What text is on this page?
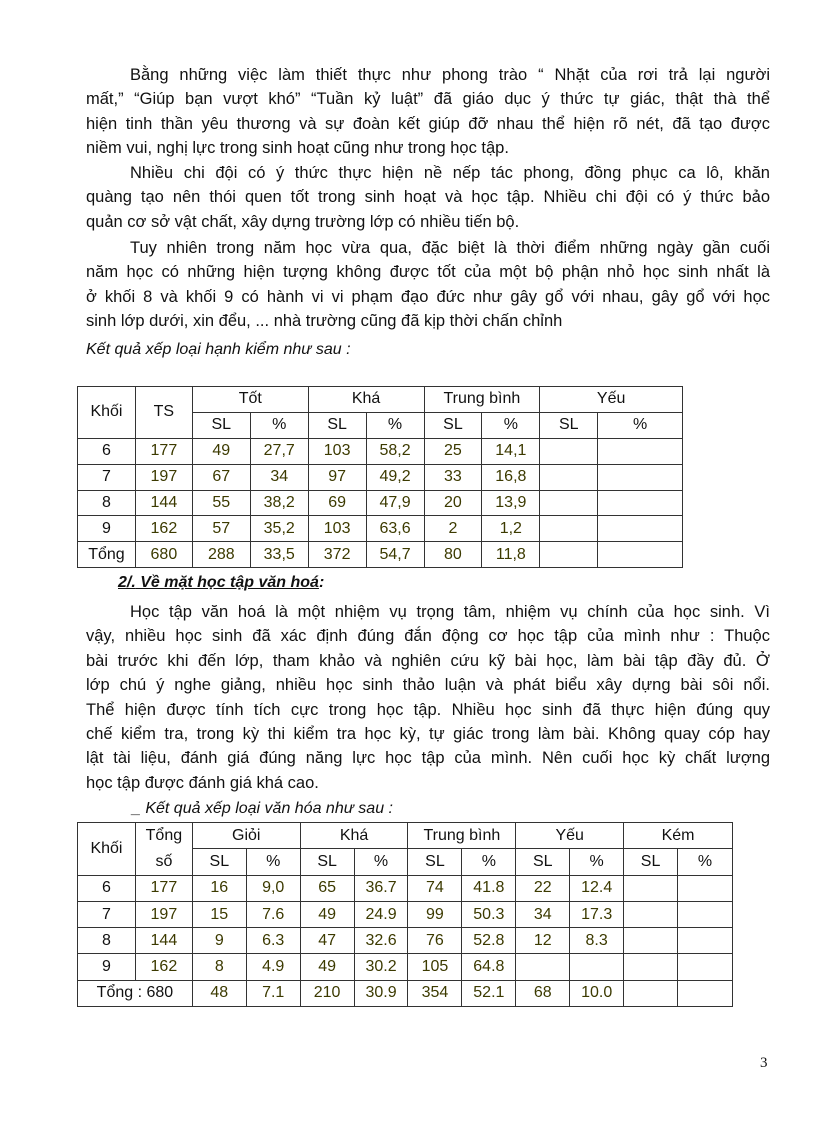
Bằng những việc làm thiết thực như phong trào “ Nhặt của rơi trả lại người
mất,” “Giúp bạn vượt khó” “Tuần kỷ luật” đã giáo dục ý thức tự giác, thật thà thể
hiện tinh thần yêu thương và sự đoàn kết giúp đỡ nhau thể hiện rõ nét, đã tạo được
niềm vui, nghị lực trong sinh hoạt cũng như trong học tập.
Nhiều chi đội có ý thức thực hiện nề nếp tác phong, đồng phục ca lô, khăn
quàng tạo nên thói quen tốt trong sinh hoạt và học tập. Nhiều chi đội có ý thức bảo
quản cơ sở vật chất, xây dựng trường lớp có nhiều tiến bộ.
Tuy nhiên trong năm học vừa qua, đặc biệt là thời điểm những ngày gần cuối
năm học có những hiện tượng không được tốt của một bộ phận nhỏ học sinh nhất là
ở khối 8 và khối 9 có hành vi vi phạm đạo đức như gây gổ với nhau, gây gổ với học
sinh lớp dưới, xin đểu, ... nhà trường cũng đã kịp thời chấn chỉnh

Kết quả xếp loại hạnh kiểm như sau :

Khối	TS	Tốt		Khá		Trung bình		Yếu	
		SL	%	SL	%	SL	%	SL	%
6	177	49	27,7	103	58,2	25	14,1		
7	197	67	34	97	49,2	33	16,8		
8	144	55	38,2	69	47,9	20	13,9		
9	162	57	35,2	103	63,6	2	1,2		
Tổng	680	288	33,5	372	54,7	80	11,8		

2/. Về mặt học tập văn hoá:

Học tập văn hoá là một nhiệm vụ trọng tâm, nhiệm vụ chính của học sinh. Vì
vậy, nhiều học sinh đã xác định đúng đắn động cơ học tập của mình như : Thuộc
bài trước khi đến lớp, tham khảo và nghiên cứu kỹ bài học, làm bài tập đầy đủ. Ở
lớp chú ý nghe giảng, nhiều học sinh thảo luận và phát biểu xây dựng bài sôi nổi.
Thể hiện được tính tích cực trong học tập. Nhiều học sinh đã thực hiện đúng quy
chế kiểm tra, trong kỳ thi kiểm tra học kỳ, tự giác trong làm bài. Không quay cóp hay
lật tài liệu, đánh giá đúng năng lực học tập của mình. Nên cuối học kỳ chất lượng
học tập được đánh giá khá cao.

_ Kết quả xếp loại văn hóa như sau :

Khối	Tổng	Giỏi		Khá		Trung bình		Yếu		Kém	
	số	SL	%	SL	%	SL	%	SL	%	SL	%
6	177	16	9,0	65	36.7	74	41.8	22	12.4		
7	197	15	7.6	49	24.9	99	50.3	34	17.3		
8	144	9	6.3	47	32.6	76	52.8	12	8.3		
9	162	8	4.9	49	30.2	105	64.8				
Tổng : 680		48	7.1	210	30.9	354	52.1	68	10.0		
3
